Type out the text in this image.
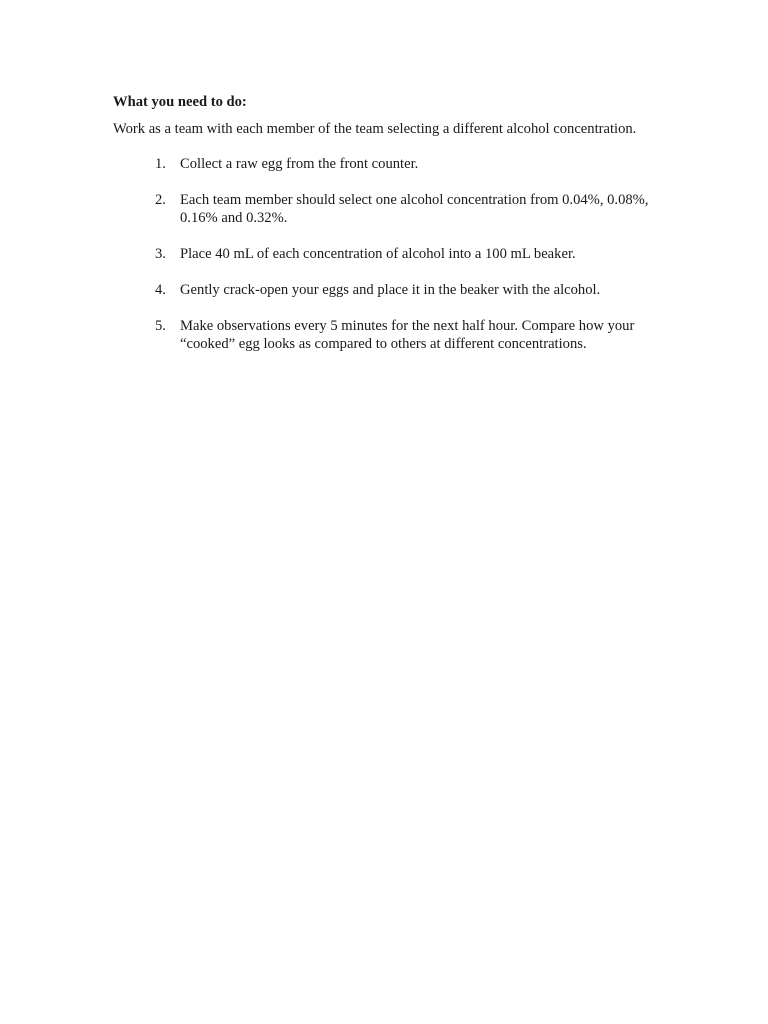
What you need to do:

Work as a team with each member of the team selecting a different alcohol concentration.

1. Collect a raw egg from the front counter.
2. Each team member should select one alcohol concentration from 0.04%, 0.08%, 0.16% and 0.32%.
3. Place 40 mL of each concentration of alcohol into a 100 mL beaker.
4. Gently crack-open your eggs and place it in the beaker with the alcohol.
5. Make observations every 5 minutes for the next half hour. Compare how your “cooked” egg looks as compared to others at different concentrations.
